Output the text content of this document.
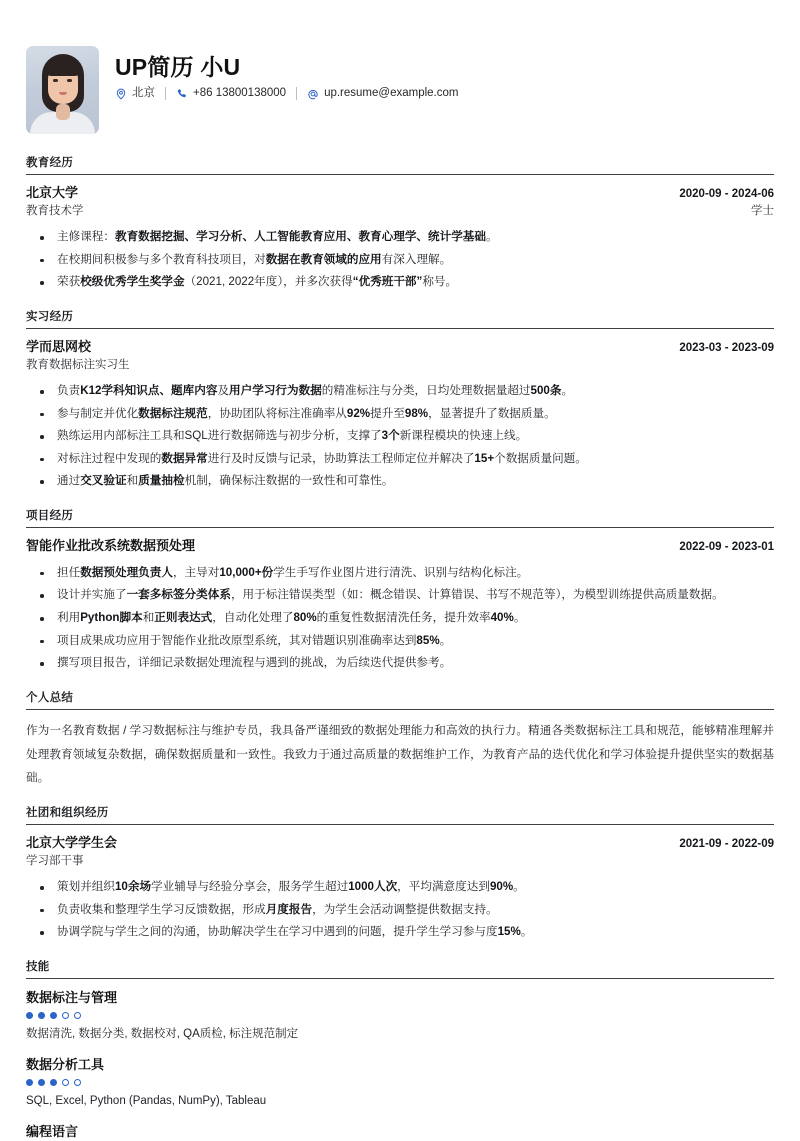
UP简历 小U
北京	+86 13800138000	up.resume@example.com
教育经历
北京大学	2020-09 - 2024-06
教育技术学	学士
主修课程：教育数据挖掘、学习分析、人工智能教育应用、教育心理学、统计学基础。
在校期间积极参与多个教育科技项目，对数据在教育领域的应用有深入理解。
荣获校级优秀学生奖学金（2021, 2022年度），并多次获得“优秀班干部”称号。
实习经历
学而思网校	2023-03 - 2023-09
教育数据标注实习生
负责K12学科知识点、题库内容及用户学习行为数据的精准标注与分类，日均处理数据量超过500条。
参与制定并优化数据标注规范，协助团队将标注准确率从92%提升至98%，显著提升了数据质量。
熟练运用内部标注工具和SQL进行数据筛选与初步分析，支撑了3个新课程模块的快速上线。
对标注过程中发现的数据异常进行及时反馈与记录，协助算法工程师定位并解决了15+个数据质量问题。
通过交叉验证和质量抽检机制，确保标注数据的一致性和可靠性。
项目经历
智能作业批改系统数据预处理	2022-09 - 2023-01
担任数据预处理负责人，主导对10,000+份学生手写作业图片进行清洗、识别与结构化标注。
设计并实施了一套多标签分类体系，用于标注错误类型（如：概念错误、计算错误、书写不规范等），为模型训练提供高质量数据。
利用Python脚本和正则表达式，自动化处理了80%的重复性数据清洗任务，提升效率40%。
项目成果成功应用于智能作业批改原型系统，其对错题识别准确率达到85%。
撰写项目报告，详细记录数据处理流程与遇到的挑战，为后续迭代提供参考。
个人总结
作为一名教育数据 / 学习数据标注与维护专员，我具备严谨细致的数据处理能力和高效的执行力。精通各类数据标注工具和规范，能够精准理解并处理教育领域复杂数据，确保数据质量和一致性。我致力于通过高质量的数据维护工作，为教育产品的迭代优化和学习体验提升提供坚实的数据基础。
社团和组织经历
北京大学学生会	2021-09 - 2022-09
学习部干事
策划并组织10余场学业辅导与经验分享会，服务学生超过1000人次，平均满意度达到90%。
负责收集和整理学生学习反馈数据，形成月度报告，为学生会活动调整提供数据支持。
协调学院与学生之间的沟通，协助解决学生在学习中遇到的问题，提升学生学习参与度15%。
技能
数据标注与管理
数据清洗, 数据分类, 数据校对, QA质检, 标注规范制定
数据分析工具
SQL, Excel, Python (Pandas, NumPy), Tableau
编程语言
